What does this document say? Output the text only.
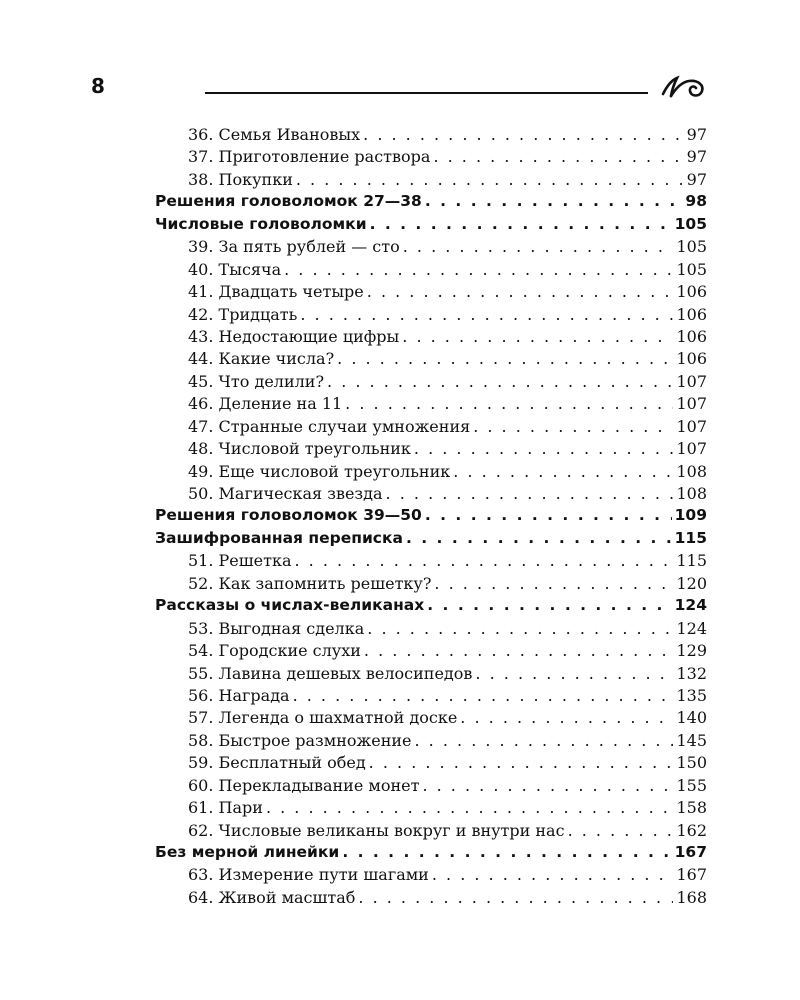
8
36. Семья Ивановых . . .	97
37. Приготовление раствора . . .	97
38. Покупки . . .	97
Решения головоломок 27—38 . . .	98
Числовые головоломки . . .	105
39. За пять рублей — сто . . .	105
40. Тысяча . . .	105
41. Двадцать четыре . . .	106
42. Тридцать . . .	106
43. Недостающие цифры . . .	106
44. Какие числа? . . .	106
45. Что делили? . . .	107
46. Деление на 11 . . .	107
47. Странные случаи умножения . . .	107
48. Числовой треугольник . . .	107
49. Еще числовой треугольник . . .	108
50. Магическая звезда . . .	108
Решения головоломок 39—50 . . .	109
Зашифрованная переписка . . .	115
51. Решетка . . .	115
52. Как запомнить решетку? . . .	120
Рассказы о числах-великанах . . .	124
53. Выгодная сделка . . .	124
54. Городские слухи . . .	129
55. Лавина дешевых велосипедов . . .	132
56. Награда . . .	135
57. Легенда о шахматной доске . . .	140
58. Быстрое размножение . . .	145
59. Бесплатный обед . . .	150
60. Перекладывание монет . . .	155
61. Пари . . .	158
62. Числовые великаны вокруг и внутри нас . . .	162
Без мерной линейки . . .	167
63. Измерение пути шагами . . .	167
64. Живой масштаб . . .	168
